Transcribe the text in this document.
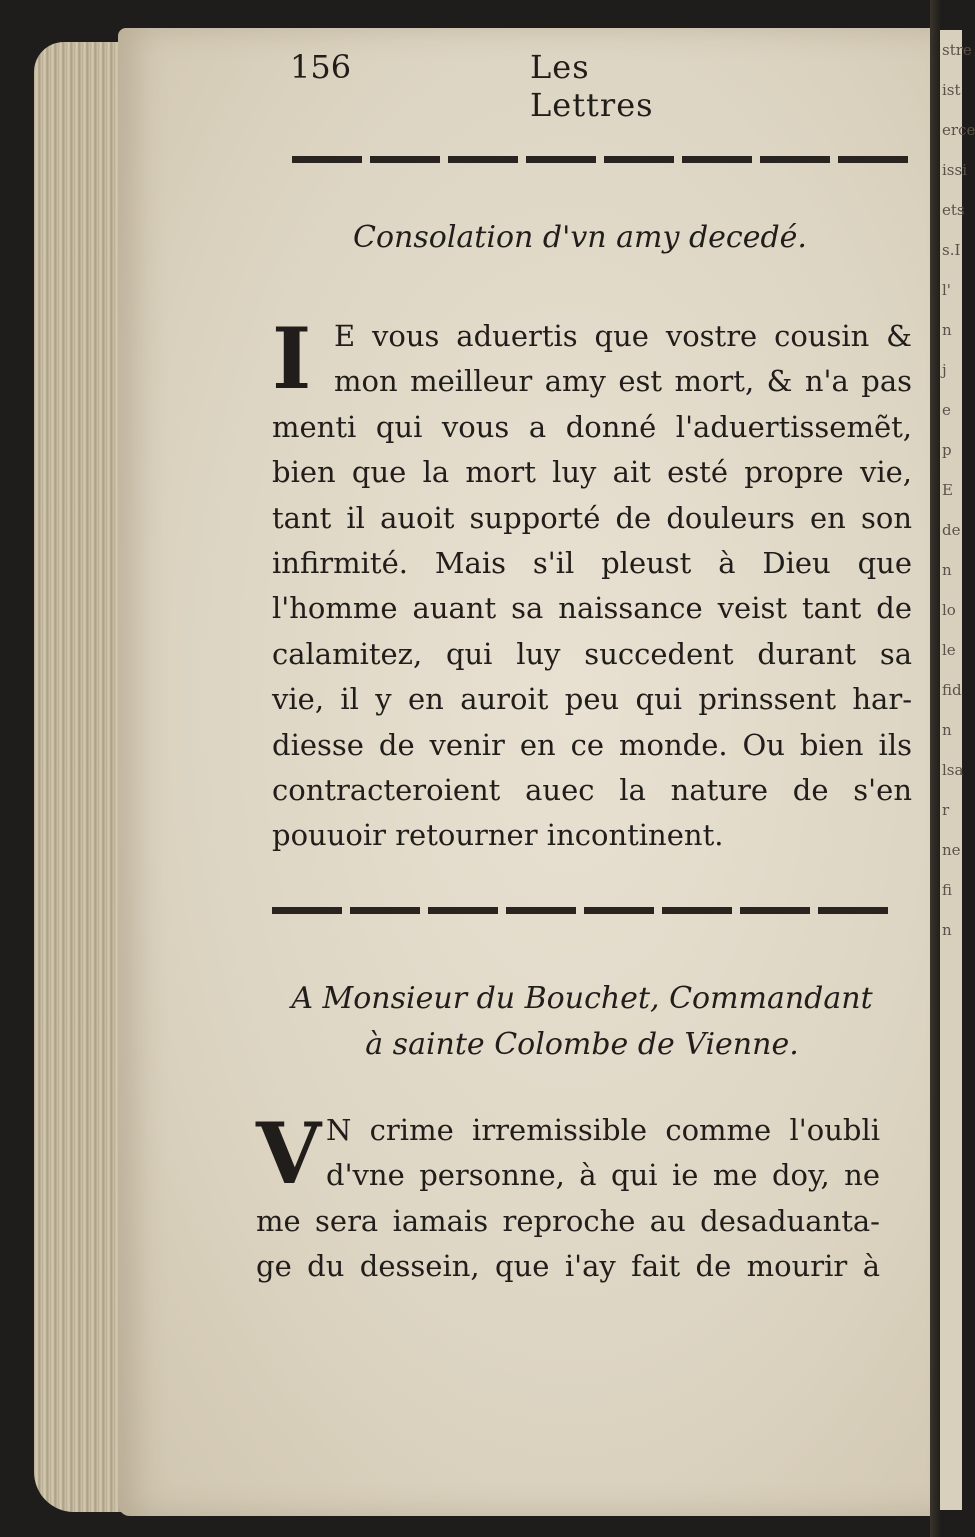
stre
ist
erce
issi
ets
s.I
l'
n
j
e
p
E
de
n
lo
le
fid
n
lsa
r
ne
fi
n
156	Les Lettres
Consolation d'vn amy decedé.
I E vous aduertis que vostre cousin &
mon meilleur amy est mort, & n'a pas
menti qui vous a donné l'aduertissemẽt,
bien que la mort luy ait esté propre vie,
tant il auoit supporté de douleurs en son
infirmité. Mais s'il pleust à Dieu que
l'homme auant sa naissance veist tant de
calamitez, qui luy succedent durant sa
vie, il y en auroit peu qui prinssent har-
diesse de venir en ce monde. Ou bien ils
contracteroient auec la nature de s'en
pouuoir retourner incontinent.
A Monsieur du Bouchet, Commandant
à sainte Colombe de Vienne.
V N crime irremissible comme l'oubli
d'vne personne, à qui ie me doy, ne
me sera iamais reproche au desaduanta-
ge du dessein, que i'ay fait de mourir à
